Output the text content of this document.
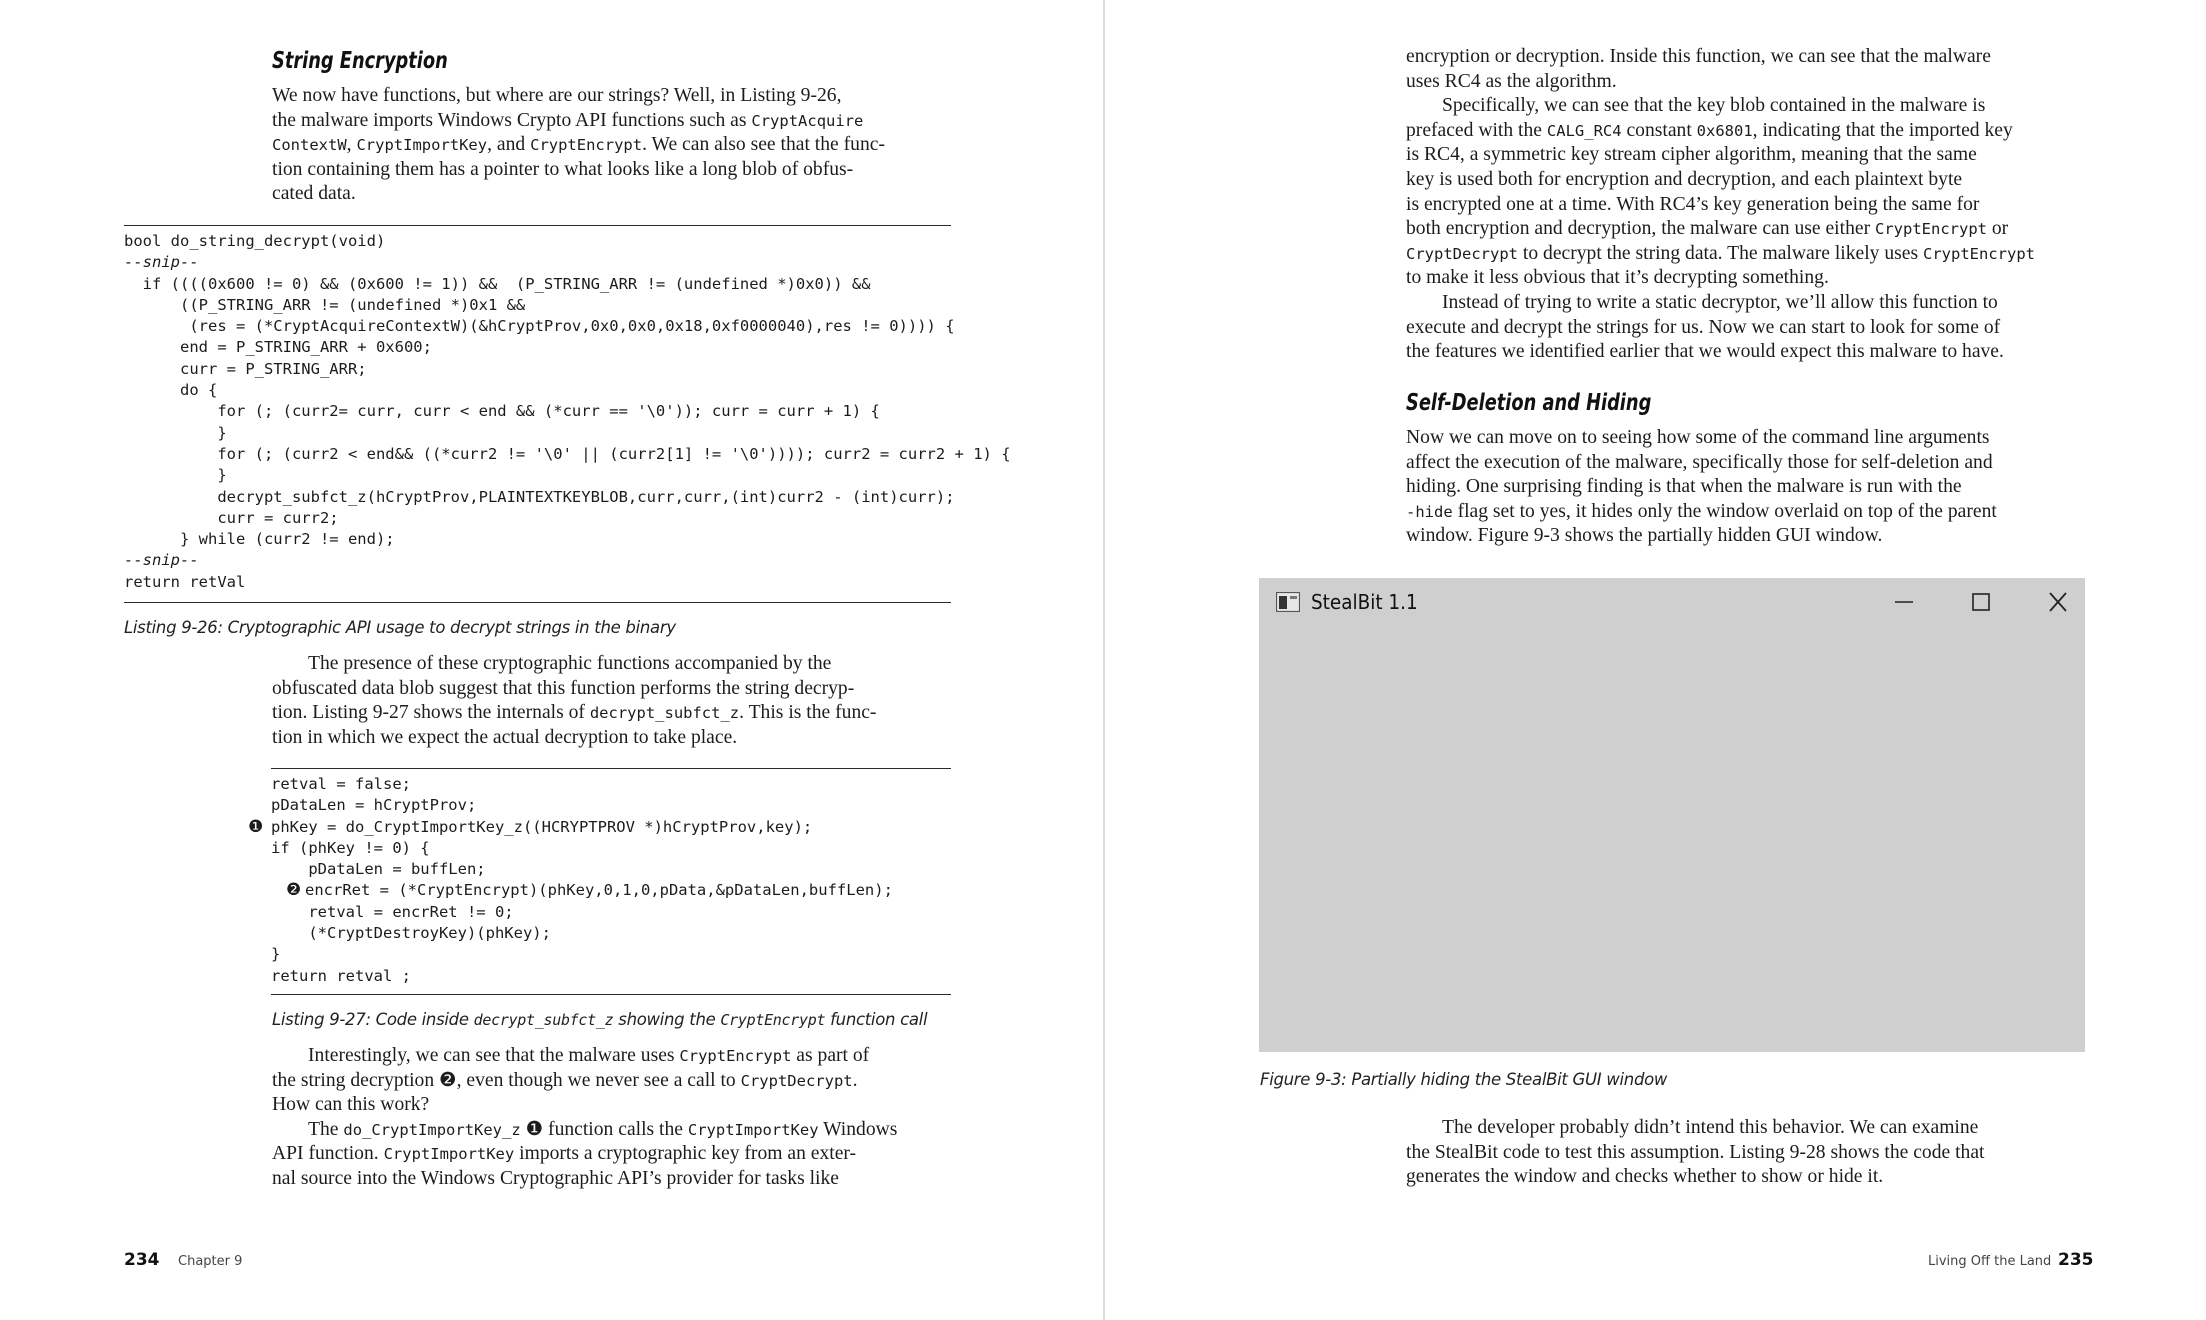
String Encryption

We now have functions, but where are our strings? Well, in Listing 9-26,

the malware imports Windows Crypto API functions such as CryptAcquire

ContextW, CryptImportKey, and CryptEncrypt. We can also see that the func-

tion containing them has a pointer to what looks like a long blob of obfus-

cated data.

bool do_string_decrypt(void)
--snip--
if ((((0x600 != 0) && (0x600 != 1)) &&  (P_STRING_ARR != (undefined *)0x0)) &&
((P_STRING_ARR != (undefined *)0x1 &&
(res = (*CryptAcquireContextW)(&hCryptProv,0x0,0x0,0x18,0xf0000040),res != 0)))) {
end = P_STRING_ARR + 0x600;
curr = P_STRING_ARR;
do {
for (; (curr2= curr, curr < end && (*curr == '\0')); curr = curr + 1) {
}
for (; (curr2 < end&& ((*curr2 != '\0' || (curr2[1] != '\0')))); curr2 = curr2 + 1) {
}
decrypt_subfct_z(hCryptProv,PLAINTEXTKEYBLOB,curr,curr,(int)curr2 - (int)curr);
curr = curr2;
} while (curr2 != end);
--snip--
return retVal

Listing 9-26: Cryptographic API usage to decrypt strings in the binary

The presence of these cryptographic functions accompanied by the

obfuscated data blob suggest that this function performs the string decryp-

tion. Listing 9-27 shows the internals of decrypt_subfct_z. This is the func-

tion in which we expect the actual decryption to take place.

retval = false;
pDataLen = hCryptProv;
❶ phKey = do_CryptImportKey_z((HCRYPTPROV *)hCryptProv,key);
if (phKey != 0) {
pDataLen = buffLen;
❷ encrRet = (*CryptEncrypt)(phKey,0,1,0,pData,&pDataLen,buffLen);
retval = encrRet != 0;
(*CryptDestroyKey)(phKey);
}
return retval ;

Listing 9-27: Code inside decrypt_subfct_z showing the CryptEncrypt function call

Interestingly, we can see that the malware uses CryptEncrypt as part of

the string decryption ❷, even though we never see a call to CryptDecrypt.

How can this work?

The do_CryptImportKey_z ❶ function calls the CryptImportKey Windows

API function. CryptImportKey imports a cryptographic key from an exter-

nal source into the Windows Cryptographic API’s provider for tasks like

234 Chapter 9

encryption or decryption. Inside this function, we can see that the malware

uses RC4 as the algorithm.

Specifically, we can see that the key blob contained in the malware is

prefaced with the CALG_RC4 constant 0x6801, indicating that the imported key

is RC4, a symmetric key stream cipher algorithm, meaning that the same

key is used both for encryption and decryption, and each plaintext byte

is encrypted one at a time. With RC4’s key generation being the same for

both encryption and decryption, the malware can use either CryptEncrypt or

CryptDecrypt to decrypt the string data. The malware likely uses CryptEncrypt

to make it less obvious that it’s decrypting something.

Instead of trying to write a static decryptor, we’ll allow this function to

execute and decrypt the strings for us. Now we can start to look for some of

the features we identified earlier that we would expect this malware to have.

Self-Deletion and Hiding

Now we can move on to seeing how some of the command line arguments

affect the execution of the malware, specifically those for self-deletion and

hiding. One surprising finding is that when the malware is run with the

-hide flag set to yes, it hides only the window overlaid on top of the parent

window. Figure 9-3 shows the partially hidden GUI window.

StealBit 1.1

Figure 9-3: Partially hiding the StealBit GUI window

The developer probably didn’t intend this behavior. We can examine

the StealBit code to test this assumption. Listing 9-28 shows the code that

generates the window and checks whether to show or hide it.

Living Off the Land 235
